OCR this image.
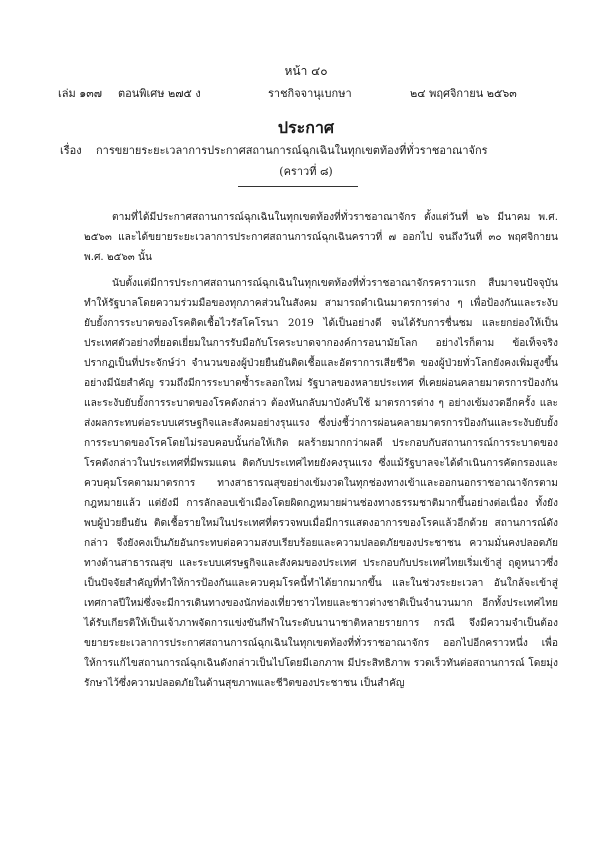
หน้า ๔๐
เล่ม ๑๓๗ ตอนพิเศษ ๒๗๕ ง	ราชกิจจานุเบกษา	๒๔ พฤศจิกายน ๒๕๖๓
ประกาศ
เรื่อง การขยายระยะเวลาการประกาศสถานการณ์ฉุกเฉินในทุกเขตท้องที่ทั่วราชอาณาจักร
(คราวที่ ๘)
ตามที่ได้มีประกาศสถานการณ์ฉุกเฉินในทุกเขตท้องที่ทั่วราชอาณาจักร ตั้งแต่วันที่ ๒๖ มีนาคม พ.ศ. ๒๕๖๓ และได้ขยายระยะเวลาการประกาศสถานการณ์ฉุกเฉินคราวที่ ๗ ออกไป จนถึงวันที่ ๓๐ พฤศจิกายน พ.ศ. ๒๕๖๓ นั้น
นับตั้งแต่มีการประกาศสถานการณ์ฉุกเฉินในทุกเขตท้องที่ทั่วราชอาณาจักรคราวแรก สืบมาจนปัจจุบัน ทำให้รัฐบาลโดยความร่วมมือของทุกภาคส่วนในสังคม สามารถดำเนินมาตรการต่าง ๆ เพื่อป้องกันและระงับยับยั้งการระบาดของโรคติดเชื้อไวรัสโคโรนา 2019 ได้เป็นอย่างดี จนได้รับการชื่นชม และยกย่องให้เป็นประเทศตัวอย่างที่ยอดเยี่ยมในการรับมือกับโรคระบาดจากองค์การอนามัยโลก อย่างไรก็ตาม ข้อเท็จจริงปรากฏเป็นที่ประจักษ์ว่า จำนวนของผู้ป่วยยืนยันติดเชื้อและอัตราการเสียชีวิต ของผู้ป่วยทั่วโลกยังคงเพิ่มสูงขึ้นอย่างมีนัยสำคัญ รวมถึงมีการระบาดซ้ำระลอกใหม่ รัฐบาลของหลายประเทศ ที่เคยผ่อนคลายมาตรการป้องกันและระงับยับยั้งการระบาดของโรคดังกล่าว ต้องหันกลับมาบังคับใช้ มาตรการต่าง ๆ อย่างเข้มงวดอีกครั้ง และส่งผลกระทบต่อระบบเศรษฐกิจและสังคมอย่างรุนแรง ซึ่งบ่งชี้ว่าการผ่อนคลายมาตรการป้องกันและระงับยับยั้งการระบาดของโรคโดยไม่รอบคอบนั้นก่อให้เกิด ผลร้ายมากกว่าผลดี ประกอบกับสถานการณ์การระบาดของโรคดังกล่าวในประเทศที่มีพรมแดน ติดกับประเทศไทยยังคงรุนแรง ซึ่งแม้รัฐบาลจะได้ดำเนินการคัดกรองและควบคุมโรคตามมาตรการ ทางสาธารณสุขอย่างเข้มงวดในทุกช่องทางเข้าและออกนอกราชอาณาจักรตามกฎหมายแล้ว แต่ยังมี การลักลอบเข้าเมืองโดยผิดกฎหมายผ่านช่องทางธรรมชาติมากขึ้นอย่างต่อเนื่อง ทั้งยังพบผู้ป่วยยืนยัน ติดเชื้อรายใหม่ในประเทศที่ตรวจพบเมื่อมีการแสดงอาการของโรคแล้วอีกด้วย สถานการณ์ดังกล่าว จึงยังคงเป็นภัยอันกระทบต่อความสงบเรียบร้อยและความปลอดภัยของประชาชน ความมั่นคงปลอดภัย ทางด้านสาธารณสุข และระบบเศรษฐกิจและสังคมของประเทศ ประกอบกับประเทศไทยเริ่มเข้าสู่ ฤดูหนาวซึ่งเป็นปัจจัยสำคัญที่ทำให้การป้องกันและควบคุมโรคนี้ทำได้ยากมากขึ้น และในช่วงระยะเวลา อันใกล้จะเข้าสู่เทศกาลปีใหม่ซึ่งจะมีการเดินทางของนักท่องเที่ยวชาวไทยและชาวต่างชาติเป็นจำนวนมาก อีกทั้งประเทศไทยได้รับเกียรติให้เป็นเจ้าภาพจัดการแข่งขันกีฬาในระดับนานาชาติหลายรายการ กรณี จึงมีความจำเป็นต้องขยายระยะเวลาการประกาศสถานการณ์ฉุกเฉินในทุกเขตท้องที่ทั่วราชอาณาจักร ออกไปอีกคราวหนึ่ง เพื่อให้การแก้ไขสถานการณ์ฉุกเฉินดังกล่าวเป็นไปโดยมีเอกภาพ มีประสิทธิภาพ รวดเร็วทันต่อสถานการณ์ โดยมุ่งรักษาไว้ซึ่งความปลอดภัยในด้านสุขภาพและชีวิตของประชาชน เป็นสำคัญ
